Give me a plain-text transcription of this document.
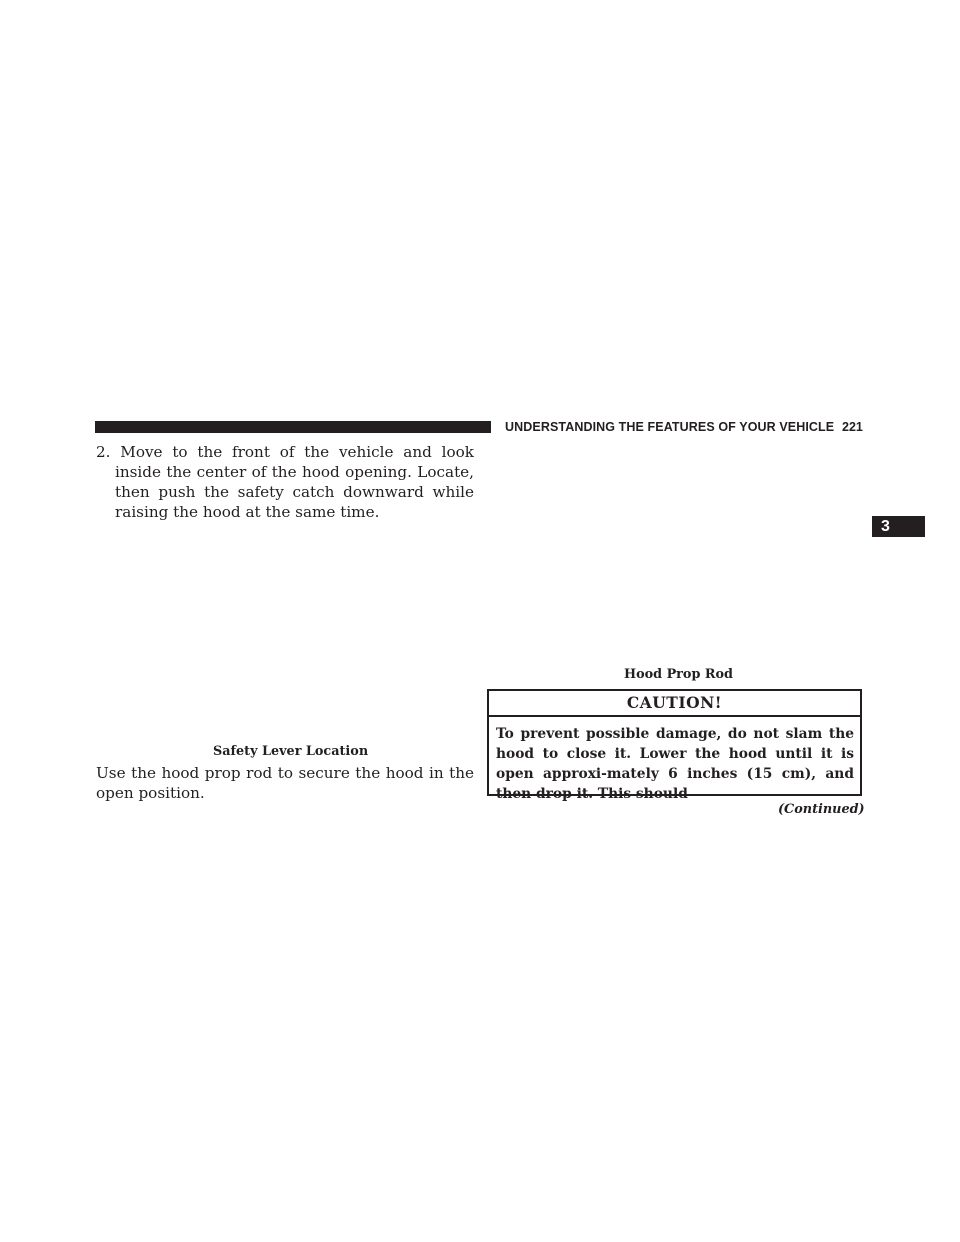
UNDERSTANDING THE FEATURES OF YOUR VEHICLE 221
3

2. Move to the front of the vehicle and look inside the center of the hood opening. Locate, then push the safety catch downward while raising the hood at the same time.

Safety Lever Location
Hood Prop Rod

Use the hood prop rod to secure the hood in the open position.

CAUTION!
To prevent possible damage, do not slam the hood to close it. Lower the hood until it is open approxi-mately 6 inches (15 cm), and then drop it. This should
(Continued)
